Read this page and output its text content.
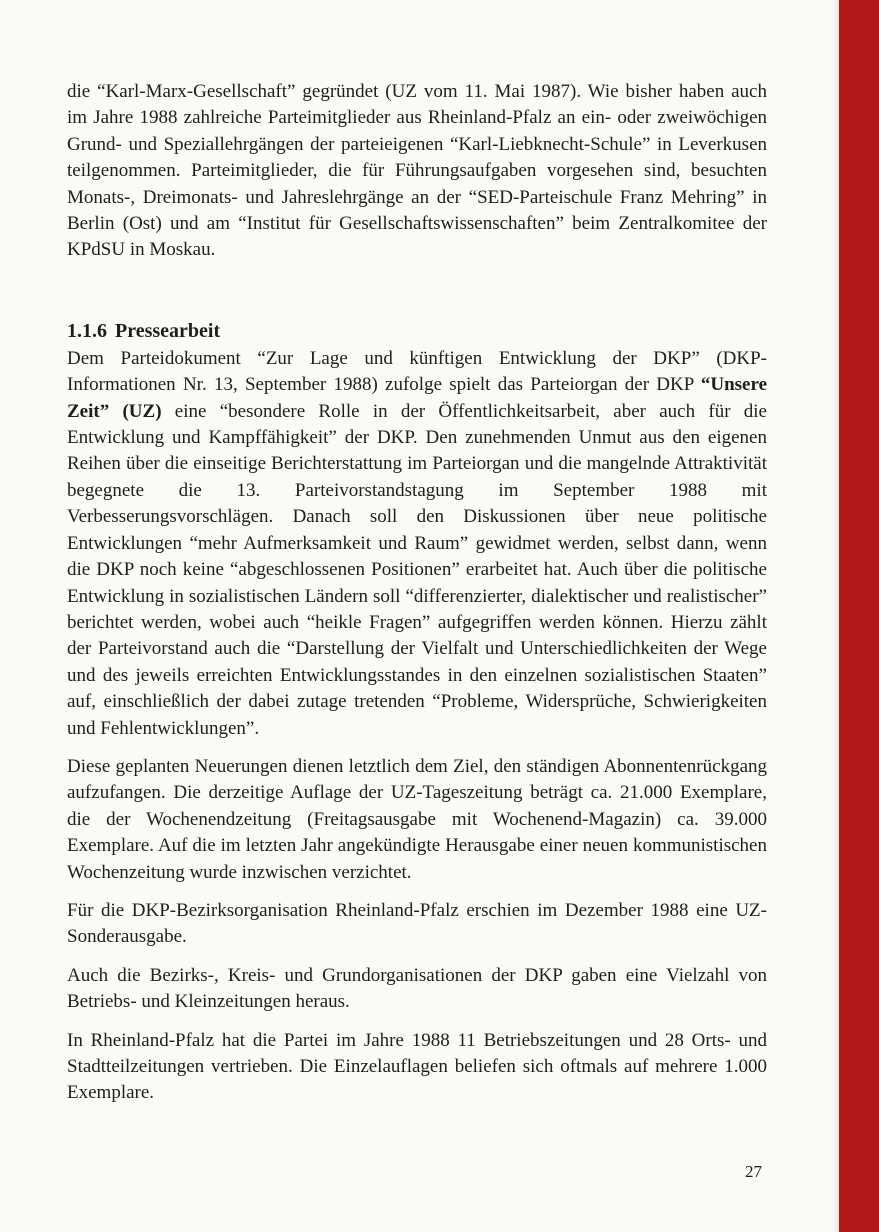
die “Karl-Marx-Gesellschaft” gegründet (UZ vom 11. Mai 1987). Wie bisher haben auch im Jahre 1988 zahlreiche Parteimitglieder aus Rheinland-Pfalz an ein- oder zweiwöchigen Grund- und Speziallehrgängen der parteieigenen “Karl-Liebknecht-Schule” in Leverkusen teilgenommen. Parteimitglieder, die für Führungsaufgaben vorgesehen sind, besuchten Monats-, Dreimonats- und Jahreslehrgänge an der “SED-Parteischule Franz Mehring” in Berlin (Ost) und am “Institut für Gesellschaftswissenschaften” beim Zentralkomitee der KPdSU in Moskau.

1.1.6 Pressearbeit

Dem Parteidokument “Zur Lage und künftigen Entwicklung der DKP” (DKP-Informationen Nr. 13, September 1988) zufolge spielt das Parteiorgan der DKP “Unsere Zeit” (UZ) eine “besondere Rolle in der Öffentlichkeitsarbeit, aber auch für die Entwicklung und Kampffähigkeit” der DKP. Den zunehmenden Unmut aus den eigenen Reihen über die einseitige Berichterstattung im Parteiorgan und die mangelnde Attraktivität begegnete die 13. Parteivorstandstagung im September 1988 mit Verbesserungsvorschlägen. Danach soll den Diskussionen über neue politische Entwicklungen “mehr Aufmerksamkeit und Raum” gewidmet werden, selbst dann, wenn die DKP noch keine “abgeschlossenen Positionen” erarbeitet hat. Auch über die politische Entwicklung in sozialistischen Ländern soll “differenzierter, dialektischer und realistischer” berichtet werden, wobei auch “heikle Fragen” aufgegriffen werden können. Hierzu zählt der Parteivorstand auch die “Darstellung der Vielfalt und Unterschiedlichkeiten der Wege und des jeweils erreichten Entwicklungsstandes in den einzelnen sozialistischen Staaten” auf, einschließlich der dabei zutage tretenden “Probleme, Widersprüche, Schwierigkeiten und Fehlentwicklungen”.

Diese geplanten Neuerungen dienen letztlich dem Ziel, den ständigen Abonnentenrückgang aufzufangen. Die derzeitige Auflage der UZ-Tageszeitung beträgt ca. 21.000 Exemplare, die der Wochenendzeitung (Freitagsausgabe mit Wochenend-Magazin) ca. 39.000 Exemplare. Auf die im letzten Jahr angekündigte Herausgabe einer neuen kommunistischen Wochenzeitung wurde inzwischen verzichtet.

Für die DKP-Bezirksorganisation Rheinland-Pfalz erschien im Dezember 1988 eine UZ-Sonderausgabe.

Auch die Bezirks-, Kreis- und Grundorganisationen der DKP gaben eine Vielzahl von Betriebs- und Kleinzeitungen heraus.

In Rheinland-Pfalz hat die Partei im Jahre 1988 11 Betriebszeitungen und 28 Orts- und Stadtteilzeitungen vertrieben. Die Einzelauflagen beliefen sich oftmals auf mehrere 1.000 Exemplare.

27
